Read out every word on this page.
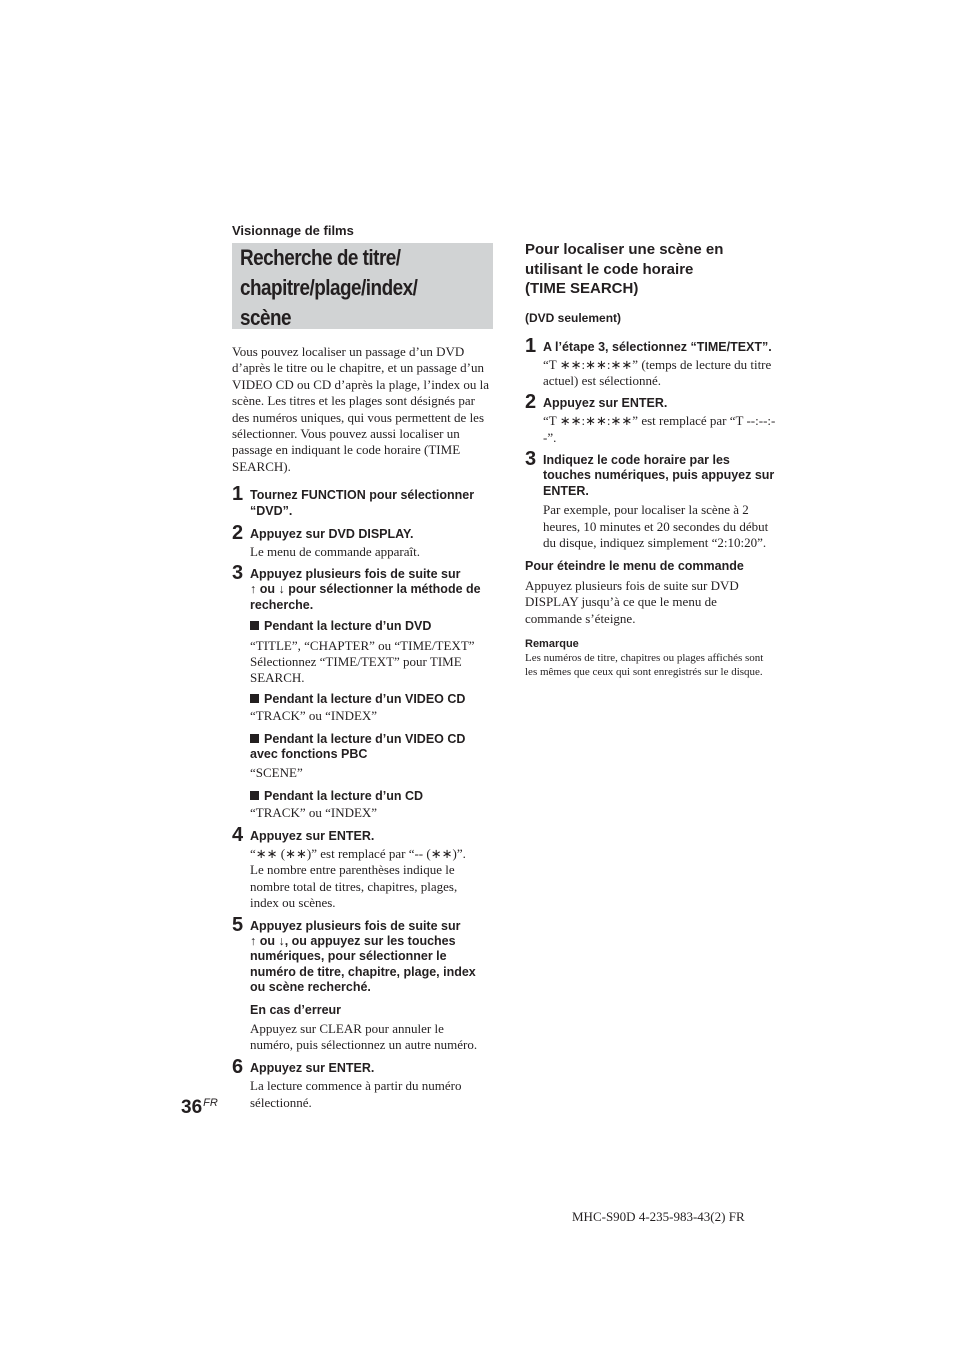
Visionnage de films
Recherche de titre/
chapitre/plage/index/
scène

Vous pouvez localiser un passage d’un DVD d’après le titre ou le chapitre, et un passage d’un VIDEO CD ou CD d’après la plage, l’index ou la scène. Les titres et les plages sont désignés par des numéros uniques, qui vous permettent de les sélectionner. Vous pouvez aussi localiser un passage en indiquant le code horaire (TIME SEARCH).

1 Tournez FUNCTION pour sélectionner
“DVD”.

2 Appuyez sur DVD DISPLAY.

Le menu de commande apparaît.

3 Appuyez plusieurs fois de suite sur
↑ ou ↓ pour sélectionner la méthode de
recherche.

Pendant la lecture d’un DVD

“TITLE”, “CHAPTER” ou “TIME/TEXT”
Sélectionnez “TIME/TEXT” pour TIME
SEARCH.

Pendant la lecture d’un VIDEO CD

“TRACK” ou “INDEX”

Pendant la lecture d’un VIDEO CD
avec fonctions PBC

“SCENE”

Pendant la lecture d’un CD

“TRACK” ou “INDEX”

4 Appuyez sur ENTER.

“∗∗ (∗∗)” est remplacé par “-- (∗∗)”.
Le nombre entre parenthèses indique le
nombre total de titres, chapitres, plages,
index ou scènes.

5 Appuyez plusieurs fois de suite sur
↑ ou ↓, ou appuyez sur les touches
numériques, pour sélectionner le
numéro de titre, chapitre, plage, index
ou scène recherché.

En cas d’erreur

Appuyez sur CLEAR pour annuler le
numéro, puis sélectionnez un autre numéro.

6 Appuyez sur ENTER.

La lecture commence à partir du numéro
sélectionné.

Pour localiser une scène en
utilisant le code horaire
(TIME SEARCH)

(DVD seulement)

1 A l’étape 3, sélectionnez “TIME/TEXT”.

“T ∗∗:∗∗:∗∗” (temps de lecture du titre
actuel) est sélectionné.

2 Appuyez sur ENTER.

“T ∗∗:∗∗:∗∗” est remplacé par “T --:--:--”.

3 Indiquez le code horaire par les
touches numériques, puis appuyez sur
ENTER.

Par exemple, pour localiser la scène à 2
heures, 10 minutes et 20 secondes du début
du disque, indiquez simplement “2:10:20”.

Pour éteindre le menu de commande

Appuyez plusieurs fois de suite sur DVD
DISPLAY jusqu’à ce que le menu de
commande s’éteigne.

Remarque

Les numéros de titre, chapitres ou plages affichés sont
les mêmes que ceux qui sont enregistrés sur le disque.

$36^{FR}$
MHC-S90D 4-235-983-43(2) FR
